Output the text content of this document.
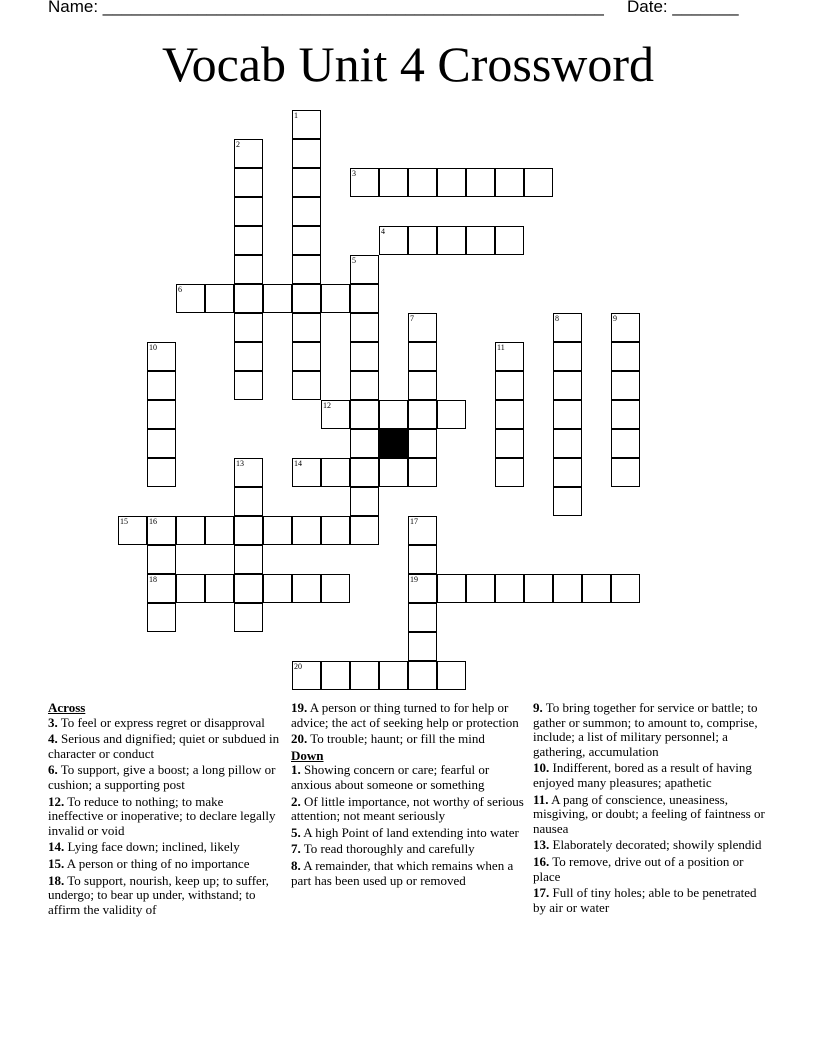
Name: _____________________________________________________ Date: _______
Vocab Unit 4 Crossword
1
2
3
4
5
6
7	8	9
10	11
12
13	14
15	16	17
18	19
20
Across
3. To feel or express regret or disapproval
4. Serious and dignified; quiet or subdued in character or conduct
6. To support, give a boost; a long pillow or cushion; a supporting post
12. To reduce to nothing; to make ineffective or inoperative; to declare legally invalid or void
14. Lying face down; inclined, likely
15. A person or thing of no importance
18. To support, nourish, keep up; to suffer, undergo; to bear up under, withstand; to affirm the validity of
19. A person or thing turned to for help or advice; the act of seeking help or protection
20. To trouble; haunt; or fill the mind
Down
1. Showing concern or care; fearful or anxious about someone or something
2. Of little importance, not worthy of serious attention; not meant seriously
5. A high Point of land extending into water
7. To read thoroughly and carefully
8. A remainder, that which remains when a part has been used up or removed
9. To bring together for service or battle; to gather or summon; to amount to, comprise, include; a list of military personnel; a gathering, accumulation
10. Indifferent, bored as a result of having enjoyed many pleasures; apathetic
11. A pang of conscience, uneasiness, misgiving, or doubt; a feeling of faintness or nausea
13. Elaborately decorated; showily splendid
16. To remove, drive out of a position or place
17. Full of tiny holes; able to be penetrated by air or water
